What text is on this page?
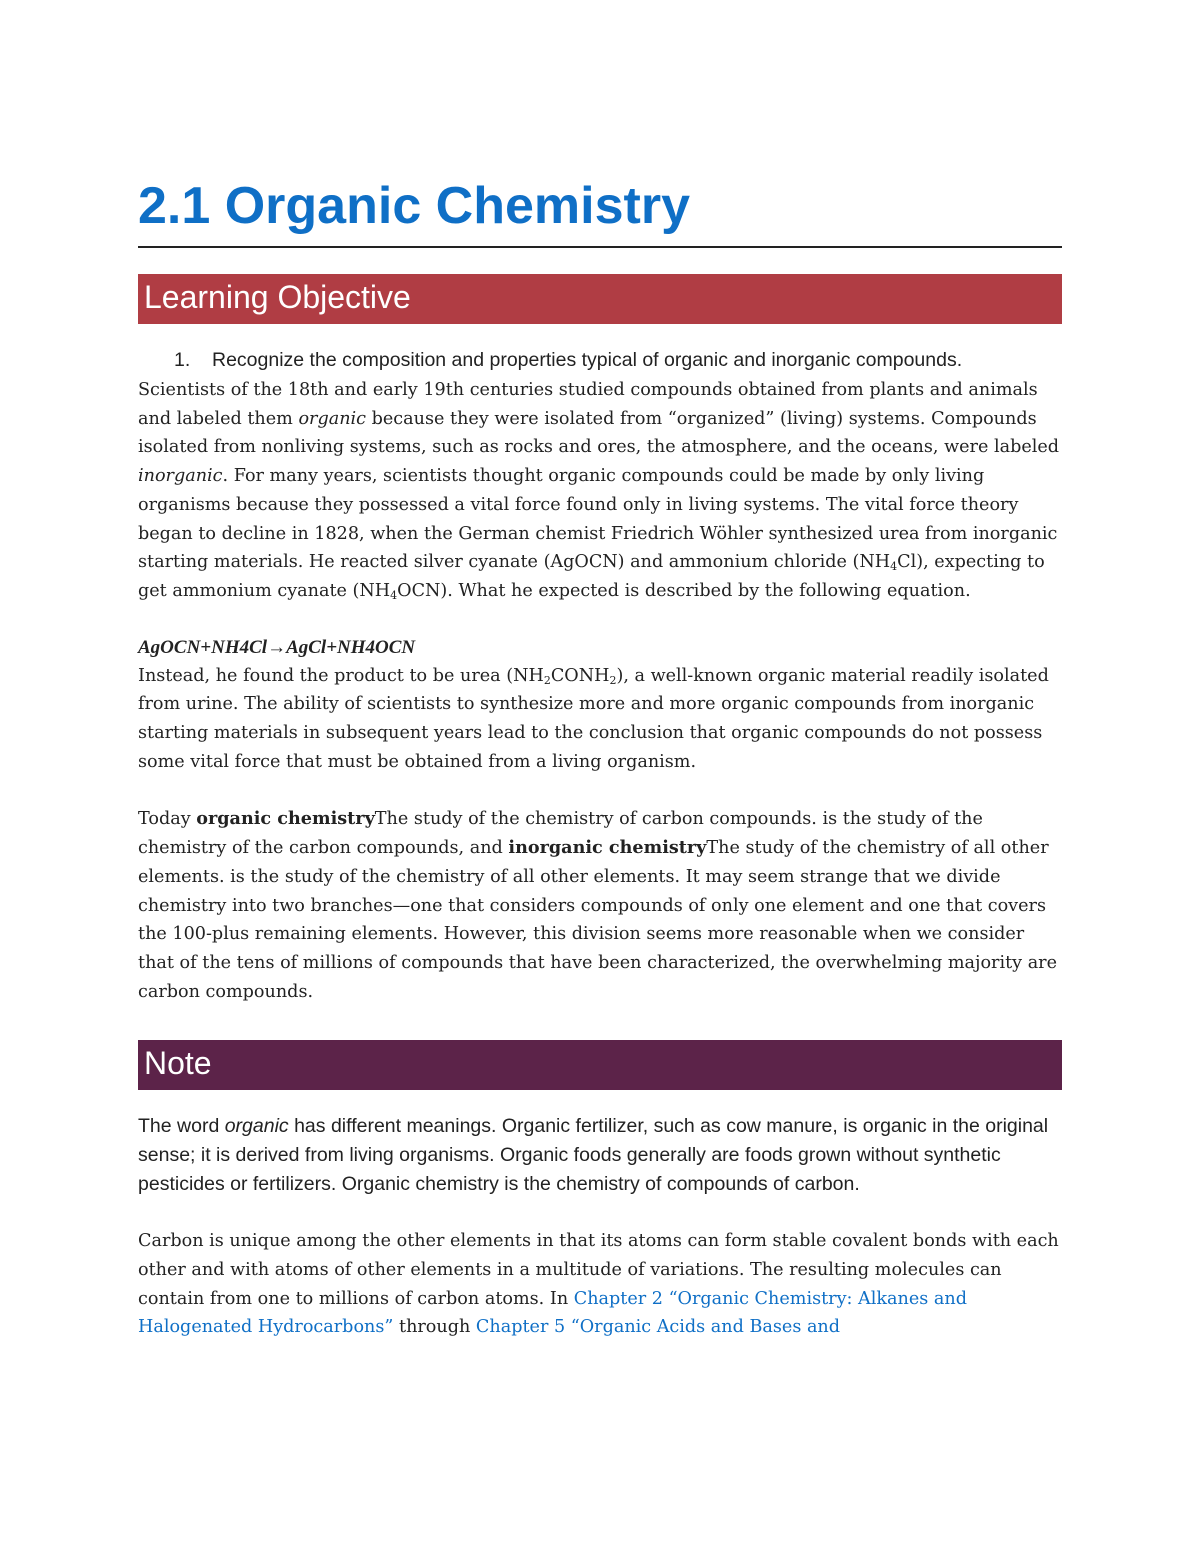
2.1 Organic Chemistry
Learning Objective
1.	Recognize the composition and properties typical of organic and inorganic compounds.

Scientists of the 18th and early 19th centuries studied compounds obtained from plants and animals and labeled them organic because they were isolated from “organized” (living) systems. Compounds isolated from nonliving systems, such as rocks and ores, the atmosphere, and the oceans, were labeled inorganic. For many years, scientists thought organic compounds could be made by only living organisms because they possessed a vital force found only in living systems. The vital force theory began to decline in 1828, when the German chemist Friedrich Wöhler synthesized urea from inorganic starting materials. He reacted silver cyanate (AgOCN) and ammonium chloride $(NH_4Cl)$, expecting to get ammonium cyanate $(NH_4OCN)$. What he expected is described by the following equation.

AgOCN+NH4Cl→AgCl+NH4OCN

Instead, he found the product to be urea $(NH_2CONH_2)$, a well-known organic material readily isolated from urine. The ability of scientists to synthesize more and more organic compounds from inorganic starting materials in subsequent years lead to the conclusion that organic compounds do not possess some vital force that must be obtained from a living organism.

Today organic chemistryThe study of the chemistry of carbon compounds. is the study of the chemistry of the carbon compounds, and inorganic chemistryThe study of the chemistry of all other elements. is the study of the chemistry of all other elements. It may seem strange that we divide chemistry into two branches—one that considers compounds of only one element and one that covers the 100-plus remaining elements. However, this division seems more reasonable when we consider that of the tens of millions of compounds that have been characterized, the overwhelming majority are carbon compounds.

Note

The word organic has different meanings. Organic fertilizer, such as cow manure, is organic in the original sense; it is derived from living organisms. Organic foods generally are foods grown without synthetic pesticides or fertilizers. Organic chemistry is the chemistry of compounds of carbon.

Carbon is unique among the other elements in that its atoms can form stable covalent bonds with each other and with atoms of other elements in a multitude of variations. The resulting molecules can contain from one to millions of carbon atoms. In Chapter 2 “Organic Chemistry: Alkanes and Halogenated Hydrocarbons” through Chapter 5 “Organic Acids and Bases and
